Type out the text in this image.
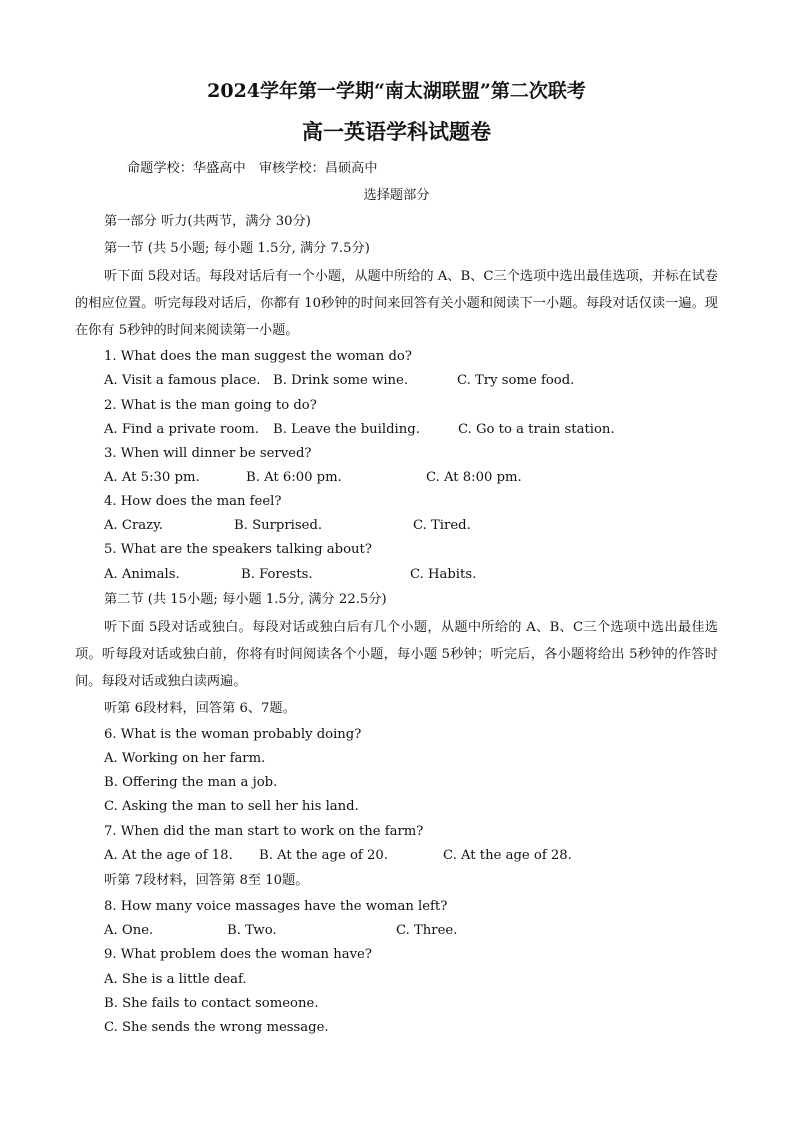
2024学年第一学期“南太湖联盟”第二次联考
高一英语学科试题卷
命题学校：华盛高中　审核学校：昌硕高中
选择题部分
第一部分 听力(共两节，满分 30分)
第一节 (共 5小题; 每小题 1.5分, 满分 7.5分)
听下面 5段对话。每段对话后有一个小题，从题中所给的 A、B、C三个选项中选出最佳选项，并标在试卷的相应位置。听完每段对话后，你都有 10秒钟的时间来回答有关小题和阅读下一小题。每段对话仅读一遍。现在你有 5秒钟的时间来阅读第一小题。
1. What does the man suggest the woman do?
A. Visit a famous place. B. Drink some wine.	C. Try some food.
2. What is the man going to do?
A. Find a private room. B. Leave the building.	C. Go to a train station.
3. When will dinner be served?
A. At 5:30 pm.	B. At 6:00 pm.	C. At 8:00 pm.
4. How does the man feel?
A. Crazy.	B. Surprised.	C. Tired.
5. What are the speakers talking about?
A. Animals.	B. Forests.	C. Habits.
第二节 (共 15小题; 每小题 1.5分, 满分 22.5分)
听下面 5段对话或独白。每段对话或独白后有几个小题，从题中所给的 A、B、C三个选项中选出最佳选项。听每段对话或独白前，你将有时间阅读各个小题，每小题 5秒钟；听完后，各小题将给出 5秒钟的作答时间。每段对话或独白读两遍。
听第 6段材料，回答第 6、7题。
6. What is the woman probably doing?
A. Working on her farm.
B. Offering the man a job.
C. Asking the man to sell her his land.
7. When did the man start to work on the farm?
A. At the age of 18. B. At the age of 20.	C. At the age of 28.
听第 7段材料，回答第 8至 10题。
8. How many voice massages have the woman left?
A. One.	B. Two.	C. Three.
9. What problem does the woman have?
A. She is a little deaf.
B. She fails to contact someone.
C. She sends the wrong message.
